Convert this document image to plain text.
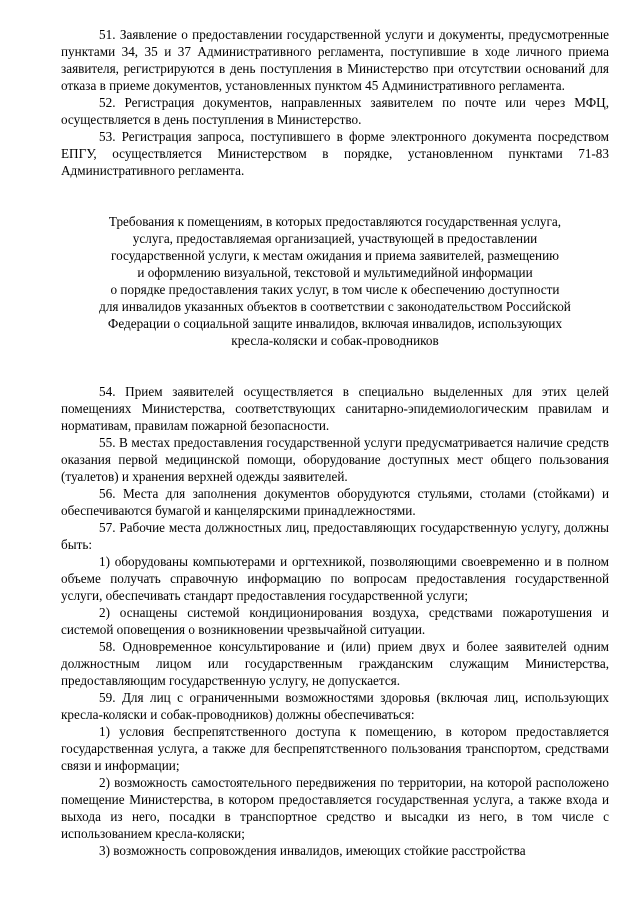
51. Заявление о предоставлении государственной услуги и документы, предусмотренные пунктами 34, 35 и 37 Административного регламента, поступившие в ходе личного приема заявителя, регистрируются в день поступления в Министерство при отсутствии оснований для отказа в приеме документов, установленных пунктом 45 Административного регламента.

52. Регистрация документов, направленных заявителем по почте или через МФЦ, осуществляется в день поступления в Министерство.

53. Регистрация запроса, поступившего в форме электронного документа посредством ЕПГУ, осуществляется Министерством в порядке, установленном пунктами 71-83 Административного регламента.

Требования к помещениям, в которых предоставляются государственная услуга,
услуга, предоставляемая организацией, участвующей в предоставлении
государственной услуги, к местам ожидания и приема заявителей, размещению
и оформлению визуальной, текстовой и мультимедийной информации
о порядке предоставления таких услуг, в том числе к обеспечению доступности
для инвалидов указанных объектов в соответствии с законодательством Российской
Федерации о социальной защите инвалидов, включая инвалидов, использующих
кресла-коляски и собак-проводников

54. Прием заявителей осуществляется в специально выделенных для этих целей помещениях Министерства, соответствующих санитарно-эпидемиологическим правилам и нормативам, правилам пожарной безопасности.

55. В местах предоставления государственной услуги предусматривается наличие средств оказания первой медицинской помощи, оборудование доступных мест общего пользования (туалетов) и хранения верхней одежды заявителей.

56. Места для заполнения документов оборудуются стульями, столами (стойками) и обеспечиваются бумагой и канцелярскими принадлежностями.

57. Рабочие места должностных лиц, предоставляющих государственную услугу, должны быть:

1) оборудованы компьютерами и оргтехникой, позволяющими своевременно и в полном объеме получать справочную информацию по вопросам предоставления государственной услуги, обеспечивать стандарт предоставления государственной услуги;

2) оснащены системой кондиционирования воздуха, средствами пожаротушения и системой оповещения о возникновении чрезвычайной ситуации.

58. Одновременное консультирование и (или) прием двух и более заявителей одним должностным лицом или государственным гражданским служащим Министерства, предоставляющим государственную услугу, не допускается.

59. Для лиц с ограниченными возможностями здоровья (включая лиц, использующих кресла-коляски и собак-проводников) должны обеспечиваться:

1) условия беспрепятственного доступа к помещению, в котором предоставляется государственная услуга, а также для беспрепятственного пользования транспортом, средствами связи и информации;

2) возможность самостоятельного передвижения по территории, на которой расположено помещение Министерства, в котором предоставляется государственная услуга, а также входа и выхода из него, посадки в транспортное средство и высадки из него, в том числе с использованием кресла-коляски;

3) возможность сопровождения инвалидов, имеющих стойкие расстройства
